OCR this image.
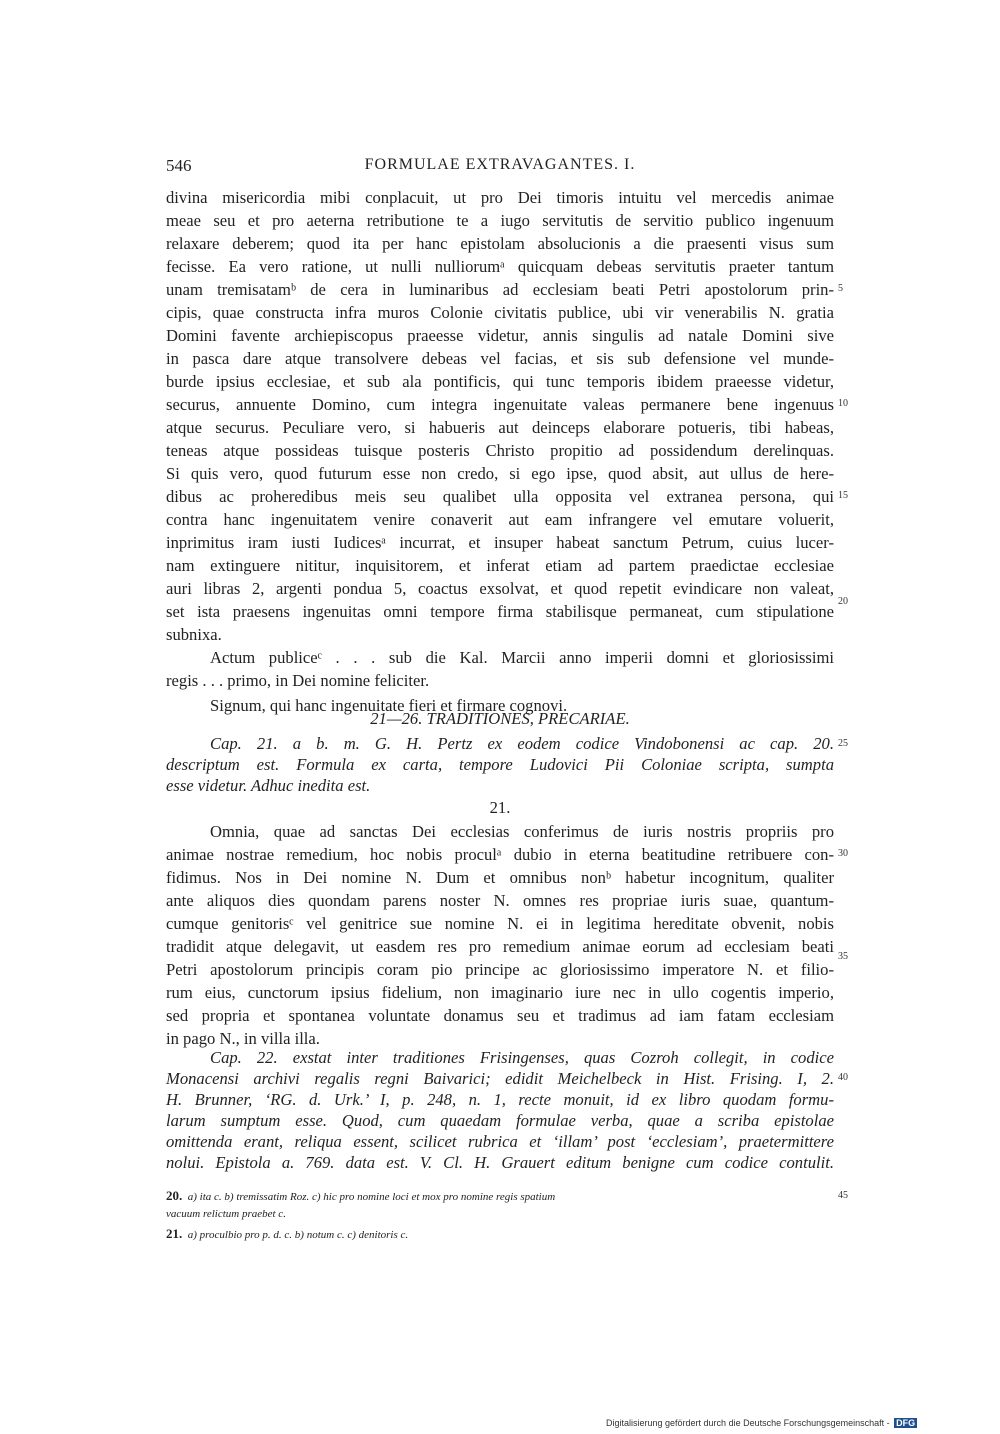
546	FORMULAE EXTRAVAGANTES. I.
divina misericordia mibi conplacuit, ut pro Dei timoris intuitu vel mercedis animae
meae seu et pro aeterna retributione te a iugo servitutis de servitio publico ingenuum
relaxare deberem; quod ita per hanc epistolam absolucionis a die praesenti visus sum
fecisse. Ea vero ratione, ut nulli nulliorumᵃ quicquam debeas servitutis praeter tantum
unam tremisatamᵇ de cera in luminaribus ad ecclesiam beati Petri apostolorum prin-
cipis, quae constructa infra muros Colonie civitatis publice, ubi vir venerabilis N. gratia
Domini favente archiepiscopus praeesse videtur, annis singulis ad natale Domini sive
in pasca dare atque transolvere debeas vel facias, et sis sub defensione vel munde-
burde ipsius ecclesiae, et sub ala pontificis, qui tunc temporis ibidem praeesse videtur,
securus, annuente Domino, cum integra ingenuitate valeas permanere bene ingenuus
atque securus. Peculiare vero, si habueris aut deinceps elaborare potueris, tibi habeas,
teneas atque possideas tuisque posteris Christo propitio ad possidendum derelinquas.
Si quis vero, quod futurum esse non credo, si ego ipse, quod absit, aut ullus de here-
dibus ac proheredibus meis seu qualibet ulla opposita vel extranea persona, qui
contra hanc ingenuitatem venire conaverit aut eam infrangere vel emutare voluerit,
inprimitus iram iusti Iudicesᵃ incurrat, et insuper habeat sanctum Petrum, cuius lucer-
nam extinguere nititur, inquisitorem, et inferat etiam ad partem praedictae ecclesiae
auri libras 2, argenti pondua 5, coactus exsolvat, et quod repetit evindicare non valeat,
set ista praesens ingenuitas omni tempore firma stabilisque permaneat, cum stipulatione
subnixa.
Actum publiceᶜ . . . sub die Kal. Marcii anno imperii domni et gloriosissimi
regis . . . primo, in Dei nomine feliciter.
Signum, qui hanc ingenuitate fieri et firmare cognovi.
21—26. TRADITIONES, PRECARIAE.
Cap. 21. a b. m. G. H. Pertz ex eodem codice Vindobonensi ac cap. 20.
descriptum est. Formula ex carta, tempore Ludovici Pii Coloniae scripta, sumpta
esse videtur. Adhuc inedita est.
21.
Omnia, quae ad sanctas Dei ecclesias conferimus de iuris nostris propriis pro
animae nostrae remedium, hoc nobis proculᵃ dubio in eterna beatitudine retribuere con-
fidimus. Nos in Dei nomine N. Dum et omnibus nonᵇ habetur incognitum, qualiter
ante aliquos dies quondam parens noster N. omnes res propriae iuris suae, quantum-
cumque genitorisᶜ vel genitrice sue nomine N. ei in legitima hereditate obvenit, nobis
tradidit atque delegavit, ut easdem res pro remedium animae eorum ad ecclesiam beati
Petri apostolorum principis coram pio principe ac gloriosissimo imperatore N. et filio-
rum eius, cunctorum ipsius fidelium, non imaginario iure nec in ullo cogentis imperio,
sed propria et spontanea voluntate donamus seu et tradimus ad iam fatam ecclesiam
in pago N., in villa illa.
Cap. 22. exstat inter traditiones Frisingenses, quas Cozroh collegit, in codice
Monacensi archivi regalis regni Baivarici; edidit Meichelbeck in Hist. Frising. I, 2.
H. Brunner, ‘RG. d. Urk.’ I, p. 248, n. 1, recte monuit, id ex libro quodam formu-
larum sumptum esse. Quod, cum quaedam formulae verba, quae a scriba epistolae
omittenda erant, reliqua essent, scilicet rubrica et ‘illam’ post ‘ecclesiam’, praetermittere
nolui. Epistola a. 769. data est. V. Cl. H. Grauert editum benigne cum codice contulit.
5
10
15
20
25
30
35
40
45
20. a) ita c. b) tremissatim Roz. c) hic pro nomine loci et mox pro nomine regis spatium
vacuum relictum praebet c.
21. a) proculbio pro p. d. c. b) notum c. c) denitoris c.
Digitalisierung gefördert durch die Deutsche Forschungsgemeinschaft - DFG
